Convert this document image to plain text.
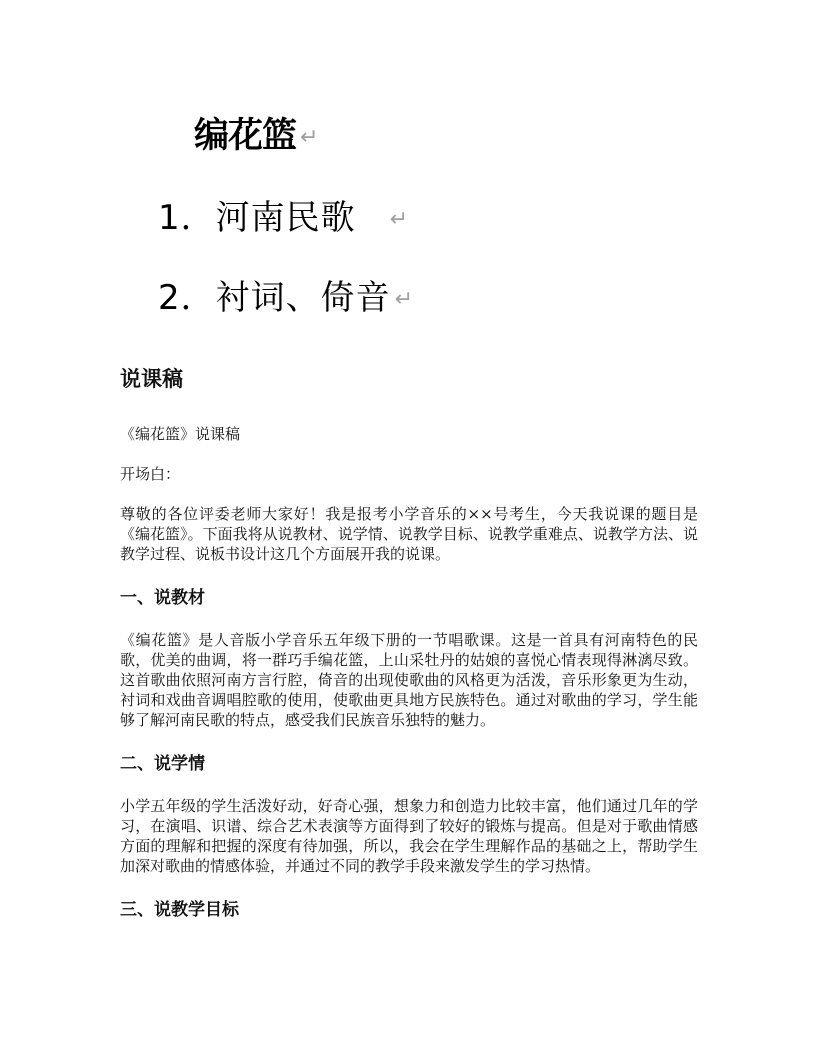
编花篮 ↵
1．河南民歌 ↵
2．衬词、倚音 ↵
说课稿

《编花篮》说课稿

开场白：

尊敬的各位评委老师大家好！我是报考小学音乐的××号考生，今天我说课的题目是《编花篮》。下面我将从说教材、说学情、说教学目标、说教学重难点、说教学方法、说教学过程、说板书设计这几个方面展开我的说课。

一、说教材

《编花篮》是人音版小学音乐五年级下册的一节唱歌课。这是一首具有河南特色的民歌，优美的曲调，将一群巧手编花篮，上山采牡丹的姑娘的喜悦心情表现得淋漓尽致。这首歌曲依照河南方言行腔，倚音的出现使歌曲的风格更为活泼，音乐形象更为生动，衬词和戏曲音调唱腔歌的使用，使歌曲更具地方民族特色。通过对歌曲的学习，学生能够了解河南民歌的特点，感受我们民族音乐独特的魅力。

二、说学情

小学五年级的学生活泼好动，好奇心强，想象力和创造力比较丰富，他们通过几年的学习，在演唱、识谱、综合艺术表演等方面得到了较好的锻炼与提高。但是对于歌曲情感方面的理解和把握的深度有待加强，所以，我会在学生理解作品的基础之上，帮助学生加深对歌曲的情感体验，并通过不同的教学手段来激发学生的学习热情。

三、说教学目标
